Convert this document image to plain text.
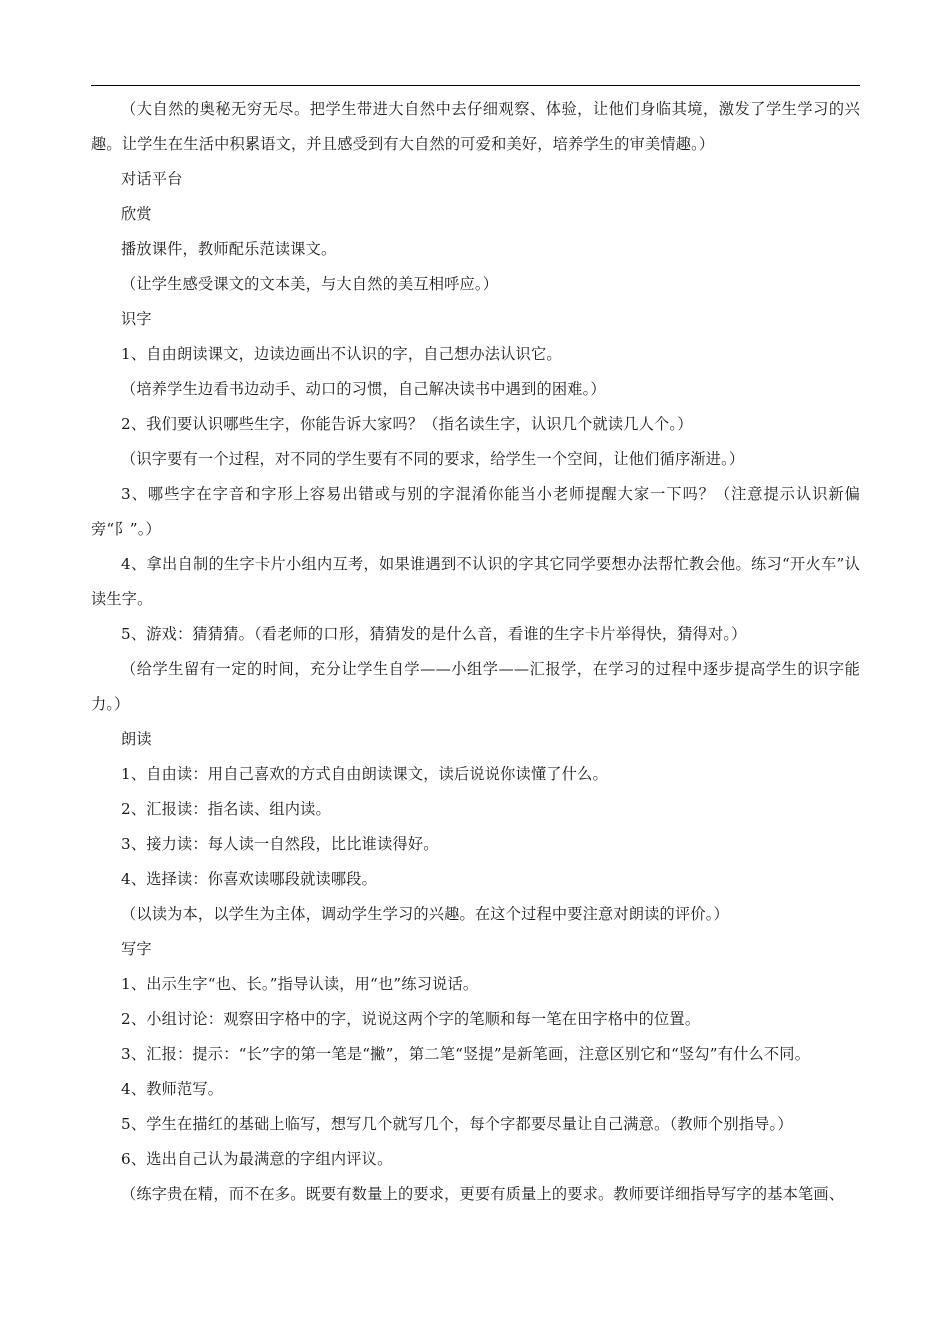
（大自然的奥秘无穷无尽。把学生带进大自然中去仔细观察、体验，让他们身临其境，激发了学生学习的兴趣。让学生在生活中积累语文，并且感受到有大自然的可爱和美好，培养学生的审美情趣。）

对话平台

欣赏

播放课件，教师配乐范读课文。

（让学生感受课文的文本美，与大自然的美互相呼应。）

识字

1、自由朗读课文，边读边画出不认识的字，自己想办法认识它。

（培养学生边看书边动手、动口的习惯，自己解决读书中遇到的困难。）

2、我们要认识哪些生字，你能告诉大家吗？（指名读生字，认识几个就读几人个。）

（识字要有一个过程，对不同的学生要有不同的要求，给学生一个空间，让他们循序渐进。）

3、哪些字在字音和字形上容易出错或与别的字混淆你能当小老师提醒大家一下吗？（注意提示认识新偏旁“阝”。）

4、拿出自制的生字卡片小组内互考，如果谁遇到不认识的字其它同学要想办法帮忙教会他。练习“开火车”认读生字。

5、游戏：猜猜猜。（看老师的口形，猜猜发的是什么音，看谁的生字卡片举得快，猜得对。）

（给学生留有一定的时间，充分让学生自学——小组学——汇报学，在学习的过程中逐步提高学生的识字能力。）

朗读

1、自由读：用自己喜欢的方式自由朗读课文，读后说说你读懂了什么。

2、汇报读：指名读、组内读。

3、接力读：每人读一自然段，比比谁读得好。

4、选择读：你喜欢读哪段就读哪段。

（以读为本，以学生为主体，调动学生学习的兴趣。在这个过程中要注意对朗读的评价。）

写字

1、出示生字“也、长。”指导认读，用“也”练习说话。

2、小组讨论：观察田字格中的字，说说这两个字的笔顺和每一笔在田字格中的位置。

3、汇报：提示：“长”字的第一笔是“撇”，第二笔“竖提”是新笔画，注意区别它和“竖勾”有什么不同。

4、教师范写。

5、学生在描红的基础上临写，想写几个就写几个，每个字都要尽量让自己满意。（教师个别指导。）

6、选出自己认为最满意的字组内评议。

（练字贵在精，而不在多。既要有数量上的要求，更要有质量上的要求。教师要详细指导写字的基本笔画、
